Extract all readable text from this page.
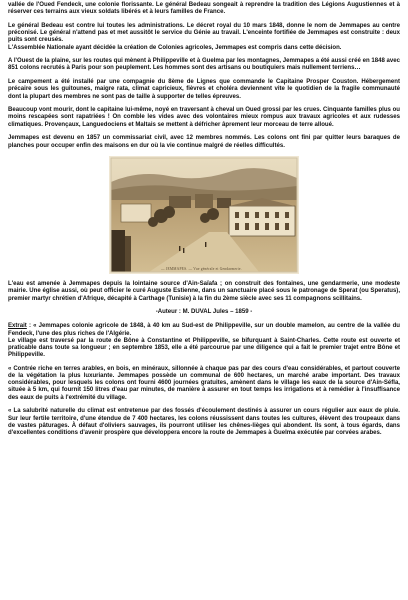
vallée de l'Oued Fendeck, une colonie florissante. Le général Bedeau songeait à reprendre la tradition des Légions Augustiennes et à réserver ces terrains aux vieux soldats libérés et à leurs familles de France.

Le général Bedeau est contre lui toutes les administrations. Le décret royal du 10 mars 1848, donne le nom de Jemmapes au centre préconisé. Le général n'attend pas et met aussitôt le service du Génie au travail. L'enceinte fortifiée de Jemmapes est construite : deux puits sont creusés.
L'Assemblée Nationale ayant décidée la création de Colonies agricoles, Jemmapes est compris dans cette décision.

A l'Ouest de la plaine, sur les routes qui mènent à Philippeville et à Guelma par les montagnes, Jemmapes a été aussi créé en 1848 avec 851 colons recrutés à Paris pour son peuplement. Les hommes sont des artisans ou boutiquiers mais nullement terriens…

Le campement a été installé par une compagnie du 8ème de Lignes que commande le Capitaine Prosper Couston. Hébergement précaire sous les guitounes, maigre rata, climat capricieux, fièvres et choléra deviennent vite le quotidien de la fragile communauté dont la plupart des membres ne sont pas de taille à supporter de telles épreuves.

Beaucoup vont mourir, dont le capitaine lui-même, noyé en traversant à cheval un Oued grossi par les crues. Cinquante familles plus ou moins rescapées sont rapatriées ! On comble les vides avec des volontaires mieux rompus aux travaux agricoles et aux rudesses climatiques. Provençaux, Languedociens et Maltais se mettent à défricher âprement leur morceau de terre alloué.

Jemmapes est devenu en 1857 un commissariat civil, avec 12 membres nommés. Les colons ont fini par quitter leurs baraques de planches pour occuper enfin des maisons en dur où la vie continue malgré de réelles difficultés.

— JEMMAPES. — Vue générale et Gendarmerie.

L'eau est amenée à Jemmapes depuis la lointaine source d'Ain-Saïafa ; on construit des fontaines, une gendarmerie, une modeste mairie. Une église aussi, où peut officier le curé Auguste Estienne, dans un sanctuaire placé sous le patronage de Sperat (ou Speratus), premier martyr chrétien d'Afrique, décapité à Carthage (Tunisie) à la fin du 2ème siècle avec ses 11 compagnons scillitains.

-Auteur : M. DUVAL Jules – 1859 -

Extrait : « Jemmapes colonie agricole de 1848, à 40 km au Sud-est de Philippeville, sur un double mamelon, au centre de la vallée du Fendeck, l'une des plus riches de l'Algérie.
Le village est traversé par la route de Bône à Constantine et Philippeville, se bifurquant à Saint-Charles. Cette route est ouverte et praticable dans toute sa longueur ; en septembre 1853, elle a été parcourue par une diligence qui a fait le premier trajet entre Bône et Philippeville.

« Contrée riche en terres arables, en bois, en minéraux, sillonnée à chaque pas par des cours d'eau considérables, et partout couverte de la végétation la plus luxuriante. Jemmapes possède un communal de 600 hectares, un marché arabe important. Des travaux considérables, pour lesquels les colons ont fourni 4600 journées gratuites, amènent dans le village les eaux de la source d'Ain-Séfla, située à 5 km, qui fournit 150 litres d'eau par minutes, de manière à assurer en tout temps les irrigations et à remédier à l'insuffisance des eaux de puits à l'extrémité du village.

« La salubrité naturelle du climat est entretenue par des fossés d'écoulement destinés à assurer un cours régulier aux eaux de pluie. Sur leur fertile territoire, d'une étendue de 7 400 hectares, les colons réussissent dans toutes les cultures, élèvent des troupeaux dans de vastes pâturages. À défaut d'oliviers sauvages, ils pourront utiliser les chênes-lièges qui abondent. Ils sont, à tous égards, dans d'excellentes conditions d'avenir prospère que développera encore la route de Jemmapes à Guelma exécutée par corvées arabes.
